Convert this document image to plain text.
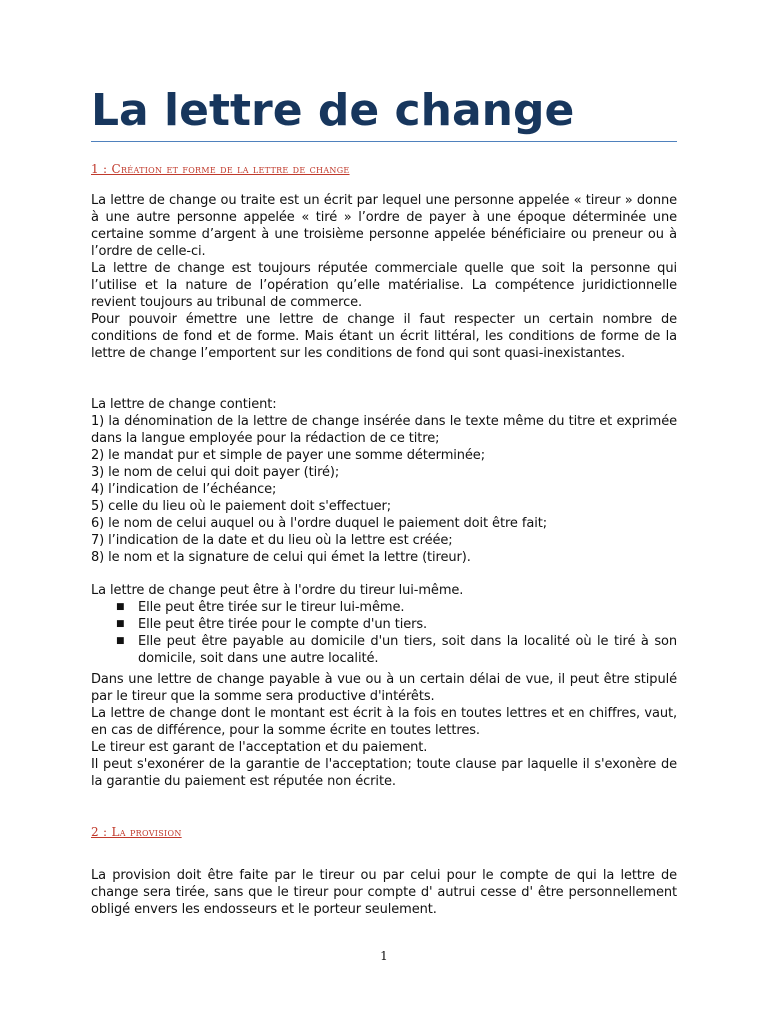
La lettre de change
1 : Création et forme de la lettre de change

La lettre de change ou traite est un écrit par lequel une personne appelée « tireur » donne à une autre personne appelée « tiré » l’ordre de payer à une époque déterminée une certaine somme d’argent à une troisième personne appelée bénéficiaire ou preneur ou à l’ordre de celle-ci.

La lettre de change est toujours réputée commerciale quelle que soit la personne qui l’utilise et la nature de l’opération qu’elle matérialise. La compétence juridictionnelle revient toujours au tribunal de commerce.

Pour pouvoir émettre une lettre de change il faut respecter un certain nombre de conditions de fond et de forme. Mais étant un écrit littéral, les conditions de forme de la lettre de change l’emportent sur les conditions de fond qui sont quasi-inexistantes.

La lettre de change contient:

1) la dénomination de la lettre de change insérée dans le texte même du titre et exprimée dans la langue employée pour la rédaction de ce titre;

2) le mandat pur et simple de payer une somme déterminée;

3) le nom de celui qui doit payer (tiré);

4) l’indication de l’échéance;

5) celle du lieu où le paiement doit s'effectuer;

6) le nom de celui auquel ou à l'ordre duquel le paiement doit être fait;

7) l’indication de la date et du lieu où la lettre est créée;

8) le nom et la signature de celui qui émet la lettre (tireur).

La lettre de change peut être à l'ordre du tireur lui-même.
■ Elle peut être tirée sur le tireur lui-même.
■ Elle peut être tirée pour le compte d'un tiers.
■ Elle peut être payable au domicile d'un tiers, soit dans la localité où le tiré à son domicile, soit dans une autre localité.

Dans une lettre de change payable à vue ou à un certain délai de vue, il peut être stipulé par le tireur que la somme sera productive d'intérêts.

La lettre de change dont le montant est écrit à la fois en toutes lettres et en chiffres, vaut, en cas de différence, pour la somme écrite en toutes lettres.

Le tireur est garant de l'acceptation et du paiement.

Il peut s'exonérer de la garantie de l'acceptation; toute clause par laquelle il s'exonère de la garantie du paiement est réputée non écrite.

2 : La provision
La provision doit être faite par le tireur ou par celui pour le compte de qui la lettre de change sera tirée, sans que le tireur pour compte d' autrui cesse d' être personnellement obligé envers les endosseurs et le porteur seulement.
1
